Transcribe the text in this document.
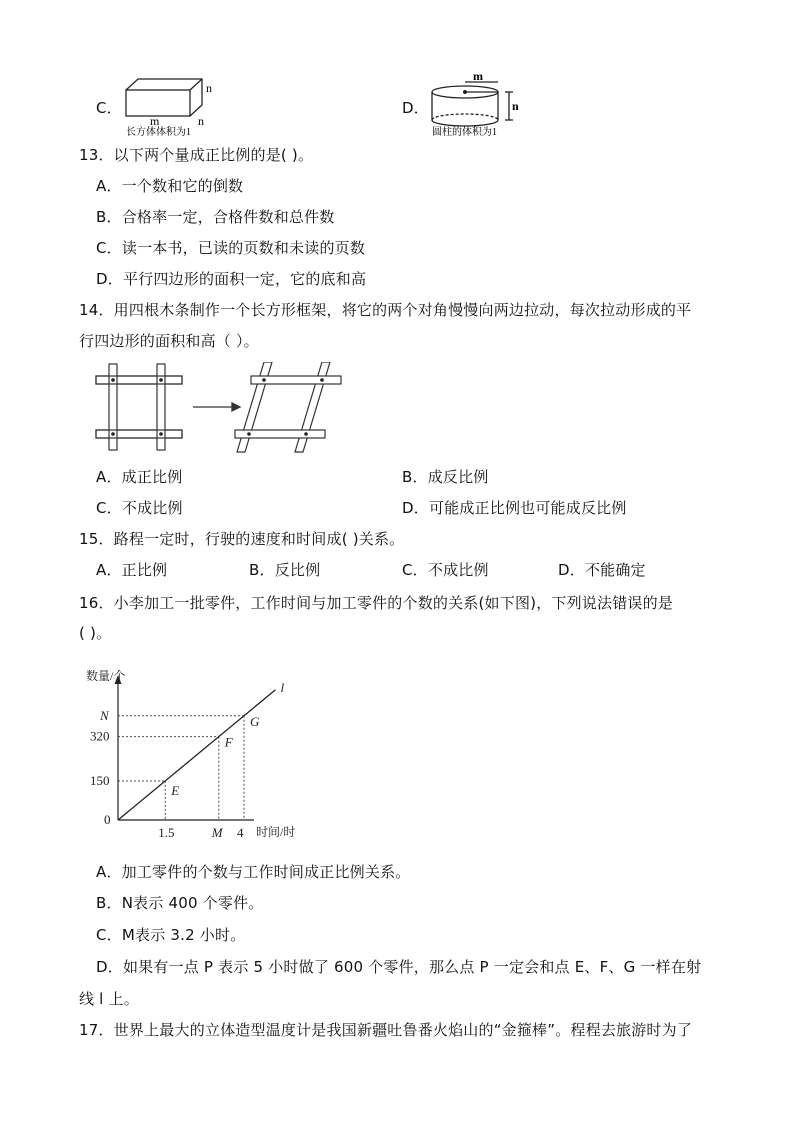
C．
n
m	n
长方体体积为1
D．
m
n
圆柱的体积为1
13．以下两个量成正比例的是( )。
A．一个数和它的倒数
B．合格率一定，合格件数和总件数
C．读一本书，已读的页数和未读的页数
D．平行四边形的面积一定，它的底和高
14．用四根木条制作一个长方形框架，将它的两个对角慢慢向两边拉动，每次拉动形成的平
行四边形的面积和高（ ）。
A．成正比例	B．成反比例
C．不成比例	D．可能成正比例也可能成反比例
15．路程一定时，行驶的速度和时间成( )关系。
A．正比例	B．反比例	C．不成比例	D．不能确定
16．小李加工一批零件，工作时间与加工零件的个数的关系(如下图)，下列说法错误的是
( )。
数量/个
时间/时
0
l
E
F
G
1.5	M 4
150
320
N
A．加工零件的个数与工作时间成正比例关系。
B．N表示 400 个零件。
C．M表示 3.2 小时。
D．如果有一点 P 表示 5 小时做了 600 个零件，那么点 P 一定会和点 E、F、G 一样在射
线 l 上。
17．世界上最大的立体造型温度计是我国新疆吐鲁番火焰山的“金箍棒”。程程去旅游时为了
